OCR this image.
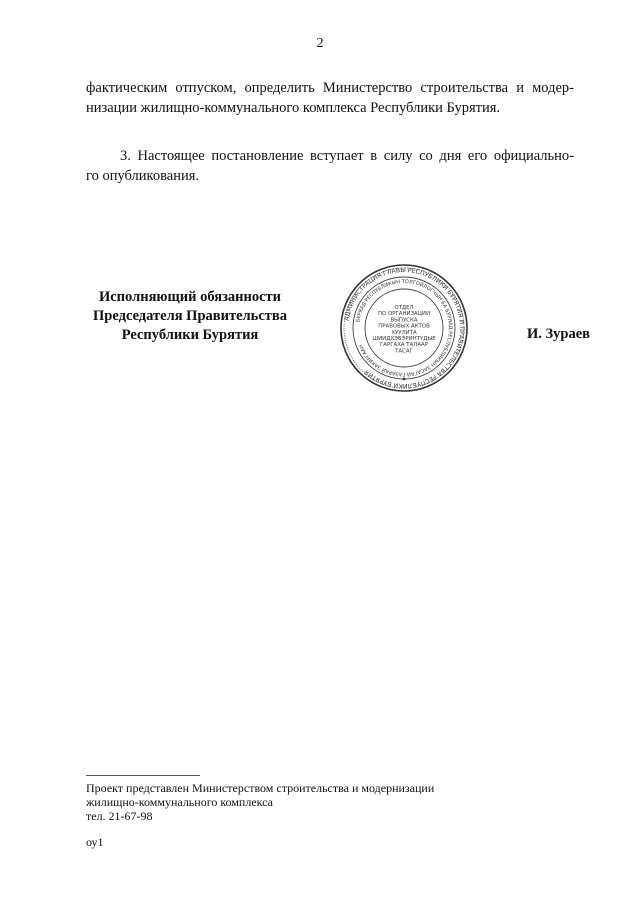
2
фактическим отпуском, определить Министерство строительства и модер-
низации жилищно-коммунального комплекса Республики Бурятия.
3. Настоящее постановление вступает в силу со дня его официально-
го опубликования.
Исполняющий обязанности
Председателя Правительства
Республики Бурятия
АДМИНИСТРАЦИЯ ГЛАВЫ РЕСПУБЛИКИ БУРЯТИЯ И ПРАВИТЕЛЬСТВА РЕСПУБЛИКИ БУРЯТИЯ
БУРЯАД РЕСПУБЛИКЫН ТОЛГОЙЛОГЧЫН БА БУРЯАД РЕСПУБЛИКЫН ЗАСАГАЙ ГАЗАРАЙ ЗАХИРГААН
ОТДЕЛ
ПО ОРГАНИЗАЦИИ
ВЫПУСКА
ПРАВОВЫХ АКТОВ
ХУУЛИТА
ШИИДХЭБЭРИНТҮДЫЕ
ГАРГАХА ТАЛААР
ТАСАГ
И. Зураев
Проект представлен Министерством строительства и модернизации
жилищно-коммунального комплекса
тел. 21-67-98
оу1
